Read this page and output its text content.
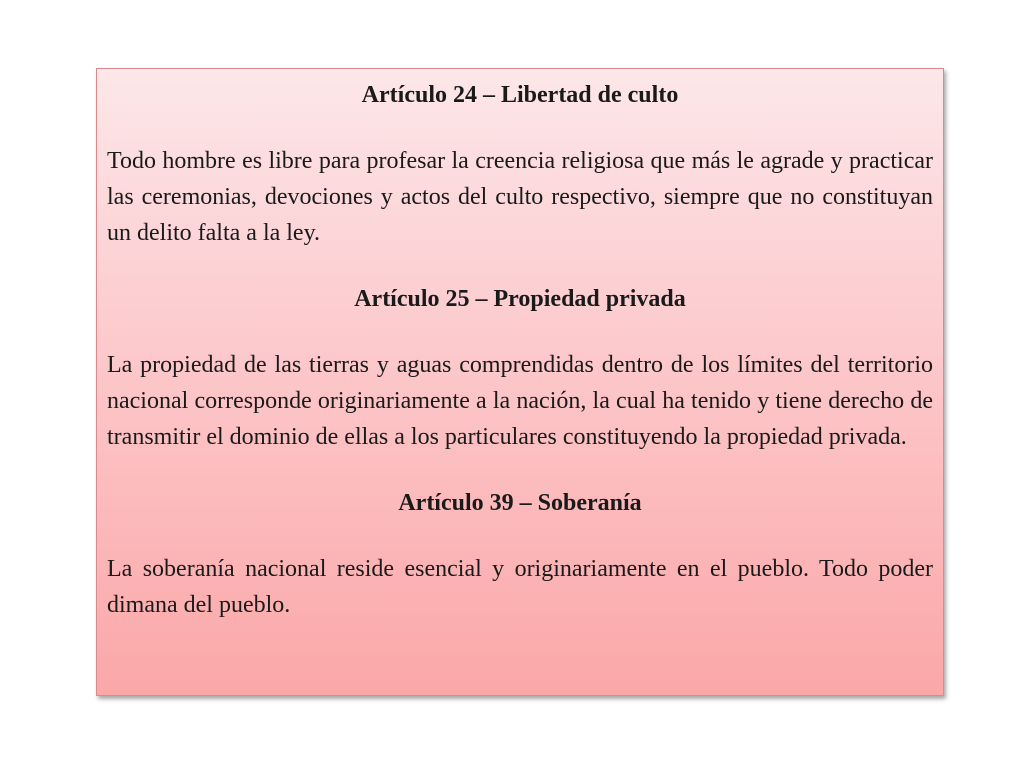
Artículo 24 – Libertad de culto

Todo hombre es libre para profesar la creencia religiosa que más le agrade y practicar las ceremonias, devociones y actos del culto respectivo, siempre que no constituyan un delito falta a la ley.

Artículo 25 – Propiedad privada

La propiedad de las tierras y aguas comprendidas dentro de los límites del territorio nacional corresponde originariamente a la nación, la cual ha tenido y tiene derecho de transmitir el dominio de ellas a los particulares constituyendo la propiedad privada.

Artículo 39 – Soberanía

La soberanía nacional reside esencial y originariamente en el pueblo. Todo poder dimana del pueblo.
